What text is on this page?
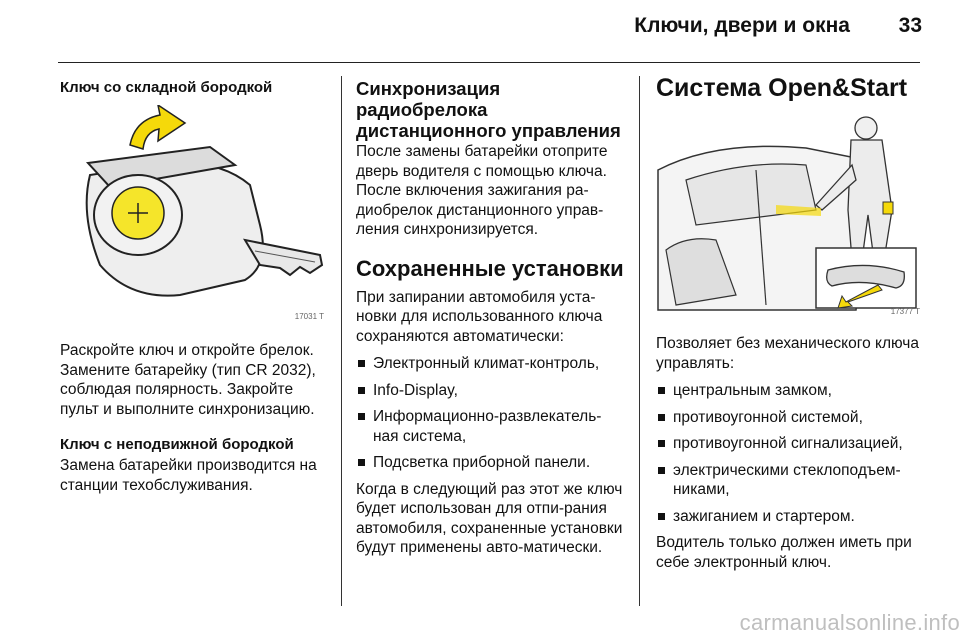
Ключи, двери и окна	33

Ключ со складной бородкой

17031 T

Раскройте ключ и откройте брелок. Замените батарейку (тип CR 2032), соблюдая полярность. Закройте пульт и выполните синхронизацию.

Ключ с неподвижной бородкой

Замена батарейки производится на станции техобслуживания.

Синхронизация радиобрелока дистанционного управления

После замены батарейки отоприте дверь водителя с помощью ключа. После включения зажигания ра-диобрелок дистанционного управ-ления синхронизируется.

Сохраненные установки

При запирании автомобиля уста-новки для использованного ключа сохраняются автоматически:

Электронный климат-контроль,
Info-Display,
Информационно-развлекатель-ная система,
Подсветка приборной панели.

Когда в следующий раз этот же ключ будет использован для отпи-рания автомобиля, сохраненные установки будут применены авто-матически.

Система Open&Start

17377 T

Позволяет без механического ключа управлять:

центральным замком,
противоугонной системой,
противоугонной сигнализацией,
электрическими стеклоподъем-никами,
зажиганием и стартером.

Водитель только должен иметь при себе электронный ключ.

carmanualsonline.info
